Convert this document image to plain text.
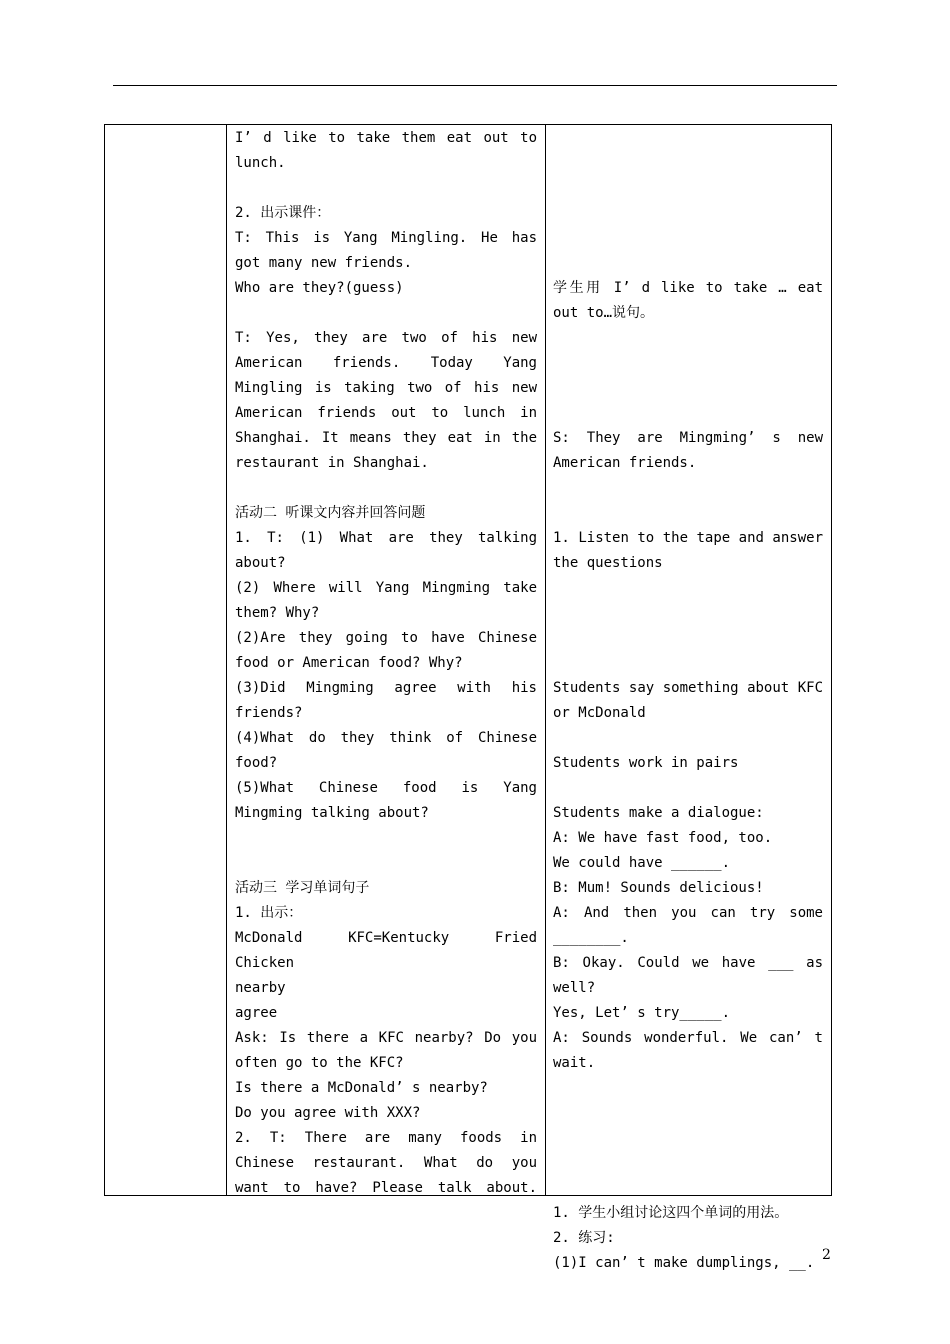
I’ d like to take them eat out to
lunch.

2. 出示课件：
T: This is Yang Mingling. He has
got many new friends.
Who are they?(guess)

T: Yes, they are two of his new
American friends. Today Yang
Mingling is taking two of his new
American friends out to lunch in
Shanghai. It means they eat in the
restaurant in Shanghai.

活动二 听课文内容并回答问题
1. T: (1) What are they talking
about?
(2) Where will Yang Mingming take
them? Why?
(2)Are they going to have Chinese
food or American food? Why?
(3)Did Mingming agree with his
friends?
(4)What do they think of Chinese
food?
(5)What Chinese food is Yang
Mingming talking about?

活动三 学习单词句子
1. 出示：
McDonald KFC=Kentucky Fried
Chicken
nearby
agree
Ask: Is there a KFC nearby? Do you
often go to the KFC?
Is there a McDonald’ s nearby?
Do you agree with XXX?
2. T: There are many foods in
Chinese restaurant. What do you
want to have? Please talk about.

学生用 I’ d like to take … eat
out to…说句。

S: They are Mingming’ s new
American friends.

1. Listen to the tape and answer
the questions

Students say something about KFC
or McDonald

Students work in pairs

Students make a dialogue:
A: We have fast food, too.
We could have ______.
B: Mum! Sounds delicious!
A: And then you can try some
________.
B: Okay. Could we have ___ as
well?
Yes, Let’ s try_____.
A: Sounds wonderful. We can’ t
wait.

1. 学生小组讨论这四个单词的用法。
2. 练习:
(1)I can’ t make dumplings, __. 2
